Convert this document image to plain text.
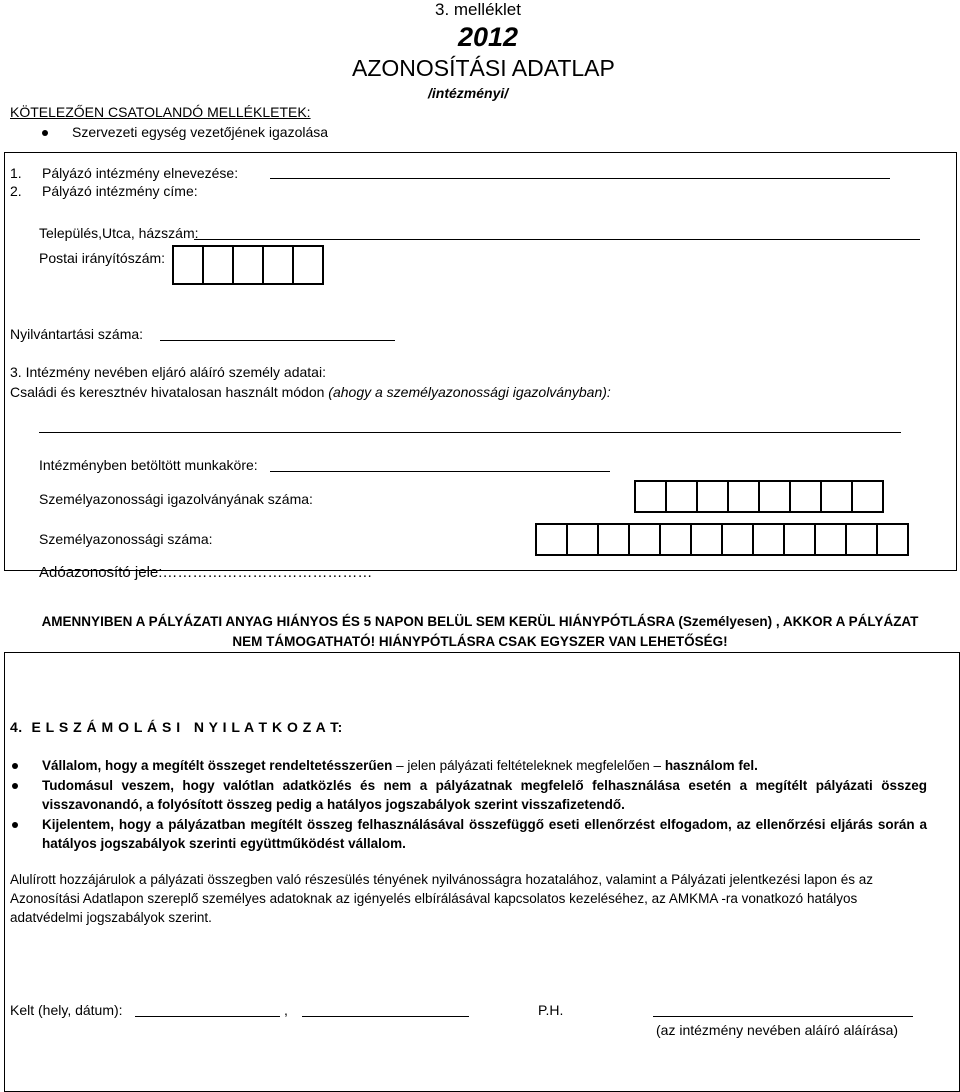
3. melléklet
2012
AZONOSÍTÁSI ADATLAP
/intézményi/
KÖTELEZŐEN CSATOLANDÓ MELLÉKLETEK:
Szervezeti egység vezetőjének igazolása
1. Pályázó intézmény elnevezése:
2. Pályázó intézmény címe:
Település,Utca, házszám:
Postai irányítószám:
Nyilvántartási száma:
3. Intézmény nevében eljáró aláíró személy adatai:
Családi és keresztnév hivatalosan használt módon (ahogy a személyazonossági igazolványban):
Intézményben betöltött munkaköre:
Személyazonossági igazolványának száma:
Személyazonossági száma:
Adóazonosító jele:……………………………………
AMENNYIBEN A PÁLYÁZATI ANYAG HIÁNYOS ÉS 5 NAPON BELÜL SEM KERÜL HIÁNYPÓTLÁSRA (Személyesen) , AKKOR A PÁLYÁZAT
NEM TÁMOGATHATÓ! HIÁNYPÓTLÁSRA CSAK EGYSZER VAN LEHETŐSÉG!
4.  E L S Z Á M O L Á S I   N Y I L A T K O Z A T:
Vállalom, hogy a megítélt összeget rendeltetésszerűen – jelen pályázati feltételeknek megfelelően – használom fel.
Tudomásul veszem, hogy valótlan adatközlés és nem a pályázatnak megfelelő felhasználása esetén a megítélt pályázati összeg visszavonandó, a folyósított összeg pedig a hatályos jogszabályok szerint visszafizetendő.
Kijelentem, hogy a pályázatban megítélt összeg felhasználásával összefüggő eseti ellenőrzést elfogadom, az ellenőrzési eljárás során a hatályos jogszabályok szerinti együttműködést vállalom.
Alulírott hozzájárulok a pályázati összegben való részesülés tényének nyilvánosságra hozatalához, valamint a Pályázati jelentkezési lapon és az Azonosítási Adatlapon szereplő személyes adatoknak az igényelés elbírálásával kapcsolatos kezeléséhez, az AMKMA -ra vonatkozó hatályos adatvédelmi jogszabályok szerint.
Kelt (hely, dátum):	,	P.H.
(az intézmény nevében aláíró aláírása)
